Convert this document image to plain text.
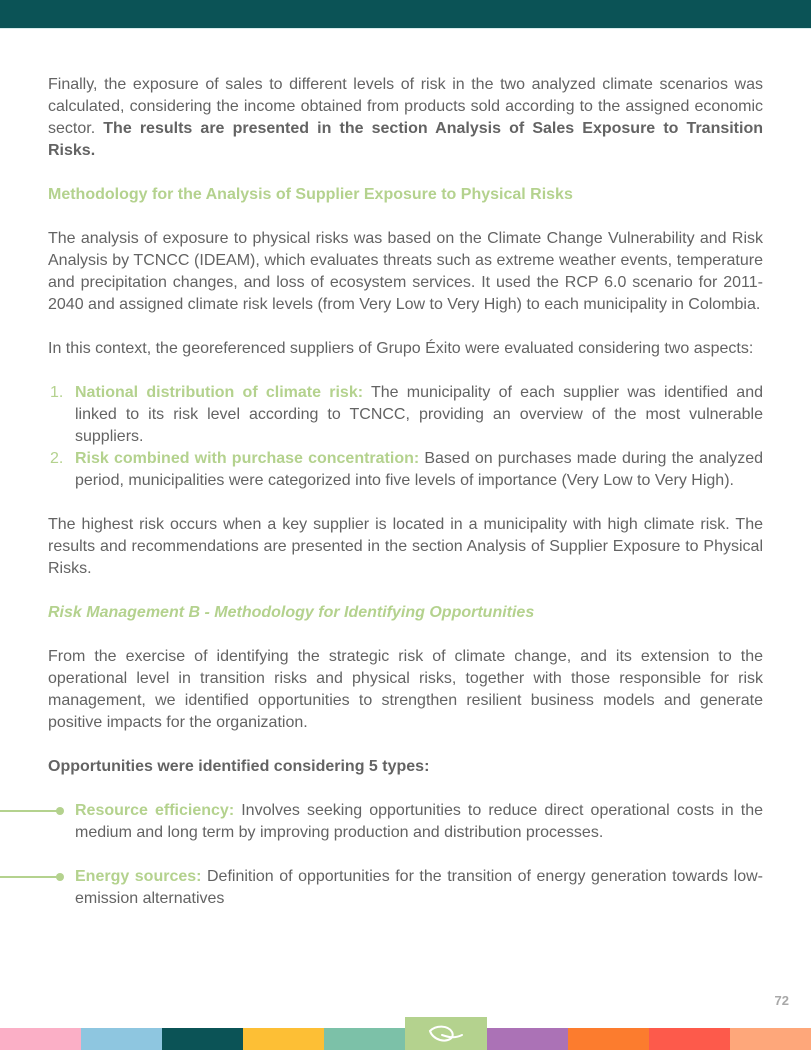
Finally, the exposure of sales to different levels of risk in the two analyzed climate scenarios was calculated, considering the income obtained from products sold according to the assigned economic sector. The results are presented in the section Analysis of Sales Exposure to Transition Risks.

Methodology for the Analysis of Supplier Exposure to Physical Risks

The analysis of exposure to physical risks was based on the Climate Change Vulnerability and Risk Analysis by TCNCC (IDEAM), which evaluates threats such as extreme weather events, temperature and precipitation changes, and loss of ecosystem services. It used the RCP 6.0 scenario for 2011-2040 and assigned climate risk levels (from Very Low to Very High) to each municipality in Colombia.

In this context, the georeferenced suppliers of Grupo Éxito were evaluated considering two aspects:

1. National distribution of climate risk: The municipality of each supplier was identified and linked to its risk level according to TCNCC, providing an overview of the most vulnerable suppliers.
2. Risk combined with purchase concentration: Based on purchases made during the analyzed period, municipalities were categorized into five levels of importance (Very Low to Very High).

The highest risk occurs when a key supplier is located in a municipality with high climate risk. The results and recommendations are presented in the section Analysis of Supplier Exposure to Physical Risks.

Risk Management B - Methodology for Identifying Opportunities

From the exercise of identifying the strategic risk of climate change, and its extension to the operational level in transition risks and physical risks, together with those responsible for risk management, we identified opportunities to strengthen resilient business models and generate positive impacts for the organization.

Opportunities were identified considering 5 types:

Resource efficiency: Involves seeking opportunities to reduce direct operational costs in the medium and long term by improving production and distribution processes.
Energy sources: Definition of opportunities for the transition of energy generation towards low-emission alternatives
72
